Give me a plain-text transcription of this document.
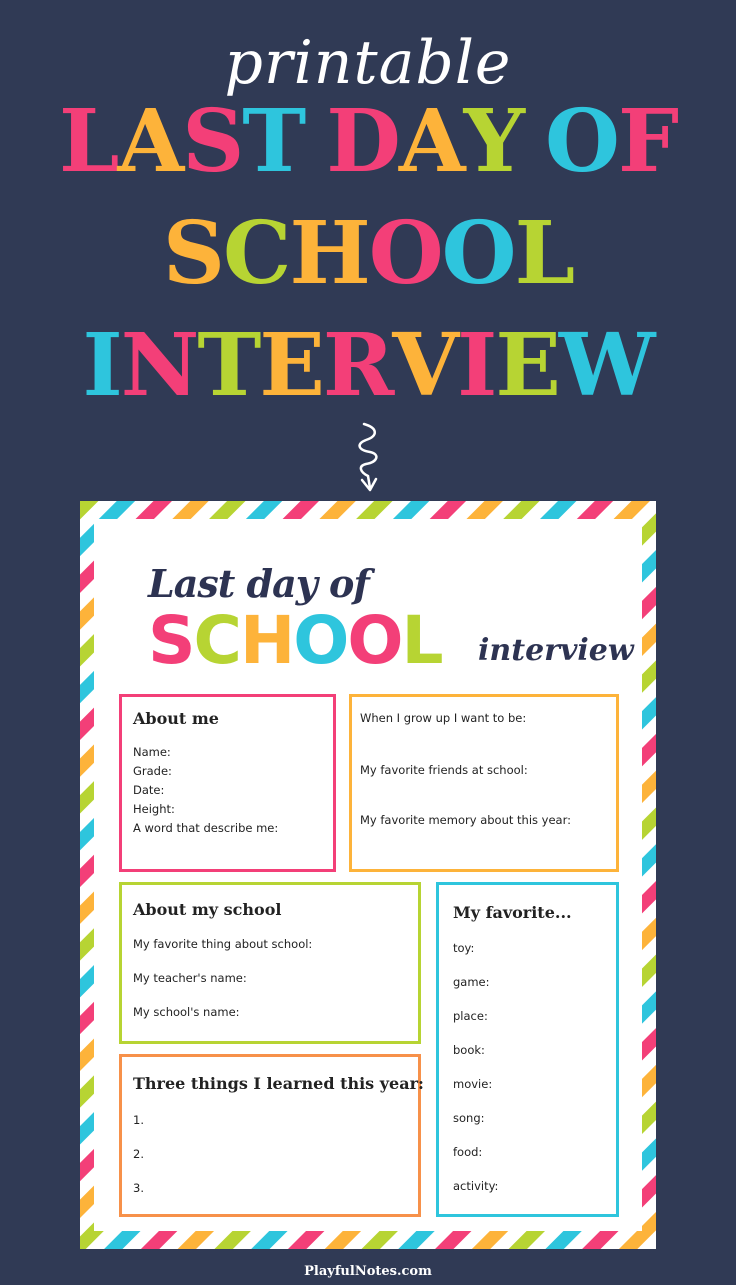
printable
LAST DAY OF
SCHOOL
INTERVIEW
Last day of
SCHOOL interview
About me
Name:
Grade:
Date:
Height:
A word that describe me:
When I grow up I want to be:
My favorite friends at school:
My favorite memory about this year:
About my school
My favorite thing about school:
My teacher's name:
My school's name:
My favorite...
toy:
game:
place:
book:
movie:
song:
food:
activity:
Three things I learned this year:
1.
2.
3.
PlayfulNotes.com
